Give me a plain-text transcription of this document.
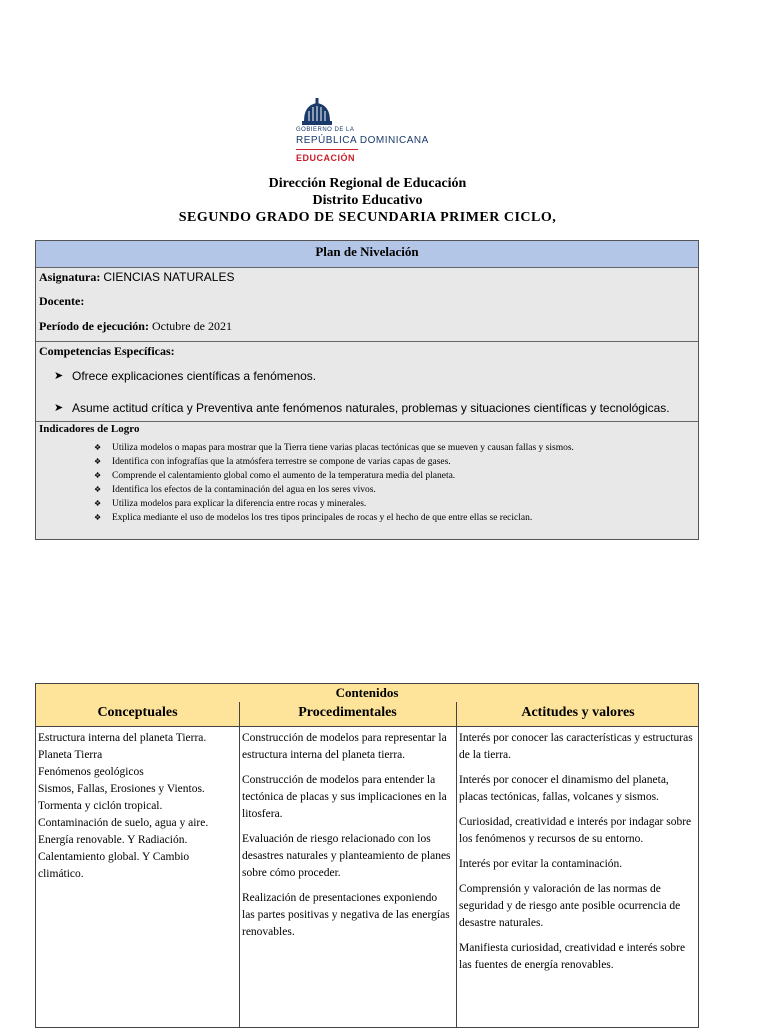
GOBIERNO DE LA
REPÚBLICA DOMINICANA
EDUCACIÓN
Dirección Regional de Educación
Distrito Educativo
SEGUNDO GRADO DE SECUNDARIA PRIMER CICLO,
Plan de Nivelación
Asignatura: CIENCIAS NATURALES
Docente:
Período de ejecución: Octubre de 2021
Competencias Específicas:
➤ Ofrece explicaciones científicas a fenómenos.
➤ Asume actitud crítica y Preventiva ante fenómenos naturales, problemas y situaciones científicas y tecnológicas.
Indicadores de Logro
❖ Utiliza modelos o mapas para mostrar que la Tierra tiene varias placas tectónicas que se mueven y causan fallas y sismos.
❖ Identifica con infografías que la atmósfera terrestre se compone de varias capas de gases.
❖ Comprende el calentamiento global como el aumento de la temperatura media del planeta.
❖ Identifica los efectos de la contaminación del agua en los seres vivos.
❖ Utiliza modelos para explicar la diferencia entre rocas y minerales.
❖ Explica mediante el uso de modelos los tres tipos principales de rocas y el hecho de que entre ellas se reciclan.
Contenidos
Conceptuales	Procedimentales	Actitudes y valores
Estructura interna del planeta Tierra.
Planeta Tierra
Fenómenos geológicos
Sismos, Fallas, Erosiones y Vientos.
Tormenta y ciclón tropical.
Contaminación de suelo, agua y aire.
Energía renovable. Y Radiación.
Calentamiento global. Y Cambio climático.

Construcción de modelos para representar la estructura interna del planeta tierra.

Construcción de modelos para entender la tectónica de placas y sus implicaciones en la litosfera.

Evaluación de riesgo relacionado con los desastres naturales y planteamiento de planes sobre cómo proceder.

Realización de presentaciones exponiendo las partes positivas y negativa de las energías renovables.

Interés por conocer las características y estructuras de la tierra.

Interés por conocer el dinamismo del planeta, placas tectónicas, fallas, volcanes y sismos.

Curiosidad, creatividad e interés por indagar sobre los fenómenos y recursos de su entorno.

Interés por evitar la contaminación.

Comprensión y valoración de las normas de seguridad y de riesgo ante posible ocurrencia de desastre naturales.

Manifiesta curiosidad, creatividad e interés sobre las fuentes de energía renovables.
